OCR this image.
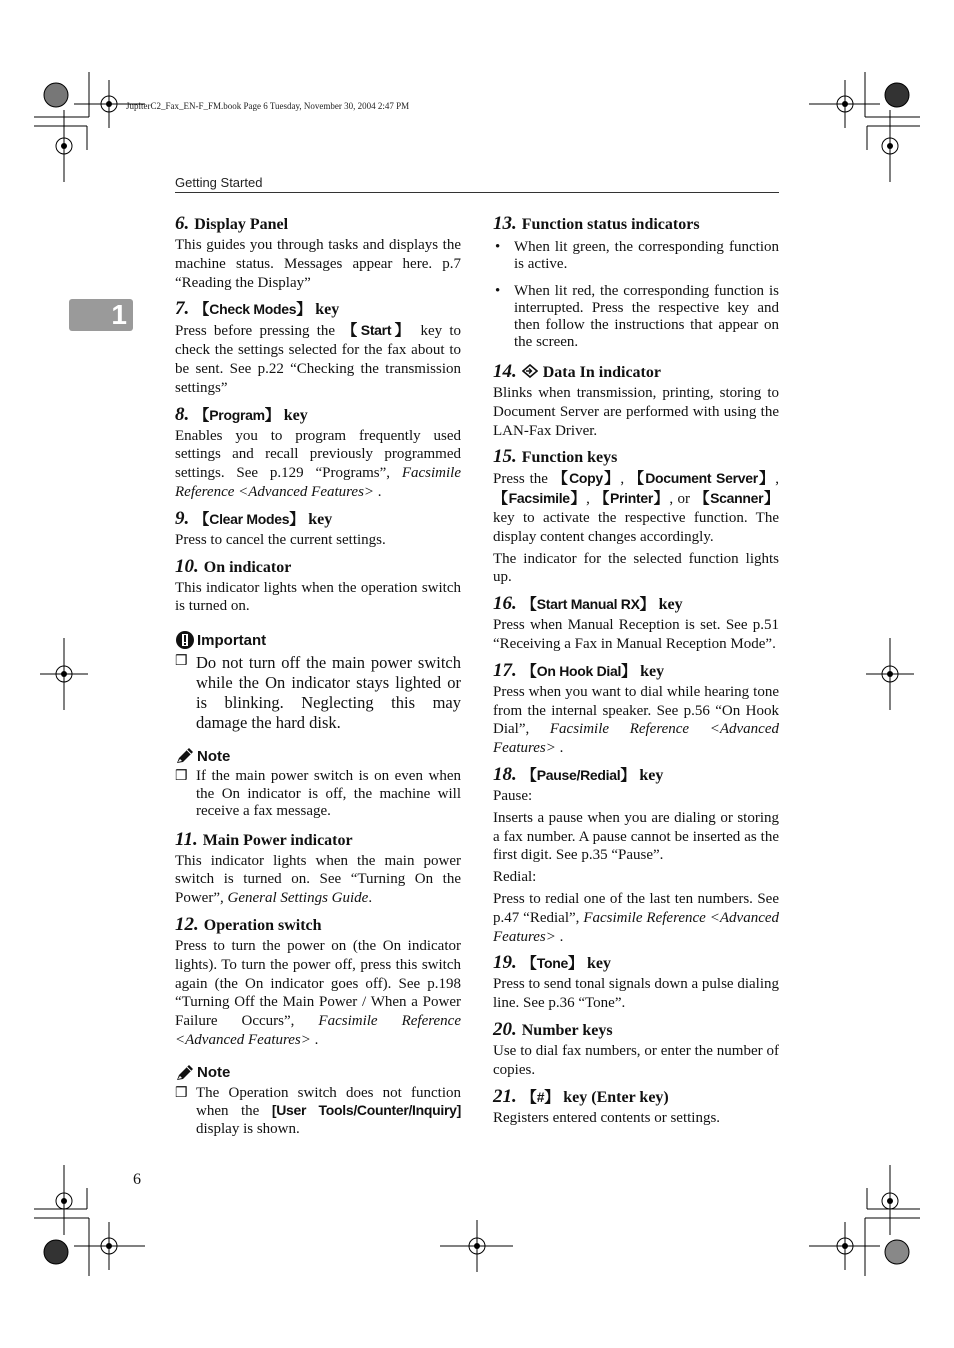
JupiterC2_Fax_EN-F_FM.book Page 6 Tuesday, November 30, 2004 2:47 PM
Getting Started
1
6
6. Display Panel

This guides you through tasks and displays the machine status. Messages appear here. p.7 “Reading the Display”

7. 【Check Modes】 key

Press before pressing the 【Start】 key to check the settings selected for the fax about to be sent. See p.22 “Checking the transmission settings”

8. 【Program】 key

Enables you to program frequently used settings and recall previously programmed settings. See p.129 “Programs”, Facsimile Reference <Advanced Features> .

9. 【Clear Modes】 key

Press to cancel the current settings.

10. On indicator

This indicator lights when the operation switch is turned on.

Important
❒ Do not turn off the main power switch while the On indicator stays lighted or is blinking. Neglecting this may damage the hard disk.
Note
❒ If the main power switch is on even when the On indicator is off, the machine will receive a fax message.
11. Main Power indicator

This indicator lights when the main power switch is turned on. See “Turning On the Power”, General Settings Guide.

12. Operation switch

Press to turn the power on (the On indicator lights). To turn the power off, press this switch again (the On indicator goes off). See p.198 “Turning Off the Main Power / When a Power Failure Occurs”, Facsimile Reference <Advanced Features> .

Note
❒ The Operation switch does not function when the [User Tools/Counter/Inquiry] display is shown.
13. Function status indicators
• When lit green, the corresponding function is active.
• When lit red, the corresponding function is interrupted. Press the respective key and then follow the instructions that appear on the screen.
14. Data In indicator

Blinks when transmission, printing, storing to Document Server are performed with using the LAN-Fax Driver.

15. Function keys

Press the 【Copy】, 【Document Server】, 【Facsimile】, 【Printer】, or 【Scanner】 key to activate the respective function. The display content changes accordingly.

The indicator for the selected function lights up.

16. 【Start Manual RX】 key

Press when Manual Reception is set. See p.51 “Receiving a Fax in Manual Reception Mode”.

17. 【On Hook Dial】 key

Press when you want to dial while hearing tone from the internal speaker. See p.56 “On Hook Dial”, Facsimile Reference <Advanced Features> .

18. 【Pause/Redial】 key

Pause:

Inserts a pause when you are dialing or storing a fax number. A pause cannot be inserted as the first digit. See p.35 “Pause”.

Redial:

Press to redial one of the last ten numbers. See p.47 “Redial”, Facsimile Reference <Advanced Features> .

19. 【Tone】 key

Press to send tonal signals down a pulse dialing line. See p.36 “Tone”.

20. Number keys

Use to dial fax numbers, or enter the number of copies.

21. 【#】 key (Enter key)

Registers entered contents or settings.
